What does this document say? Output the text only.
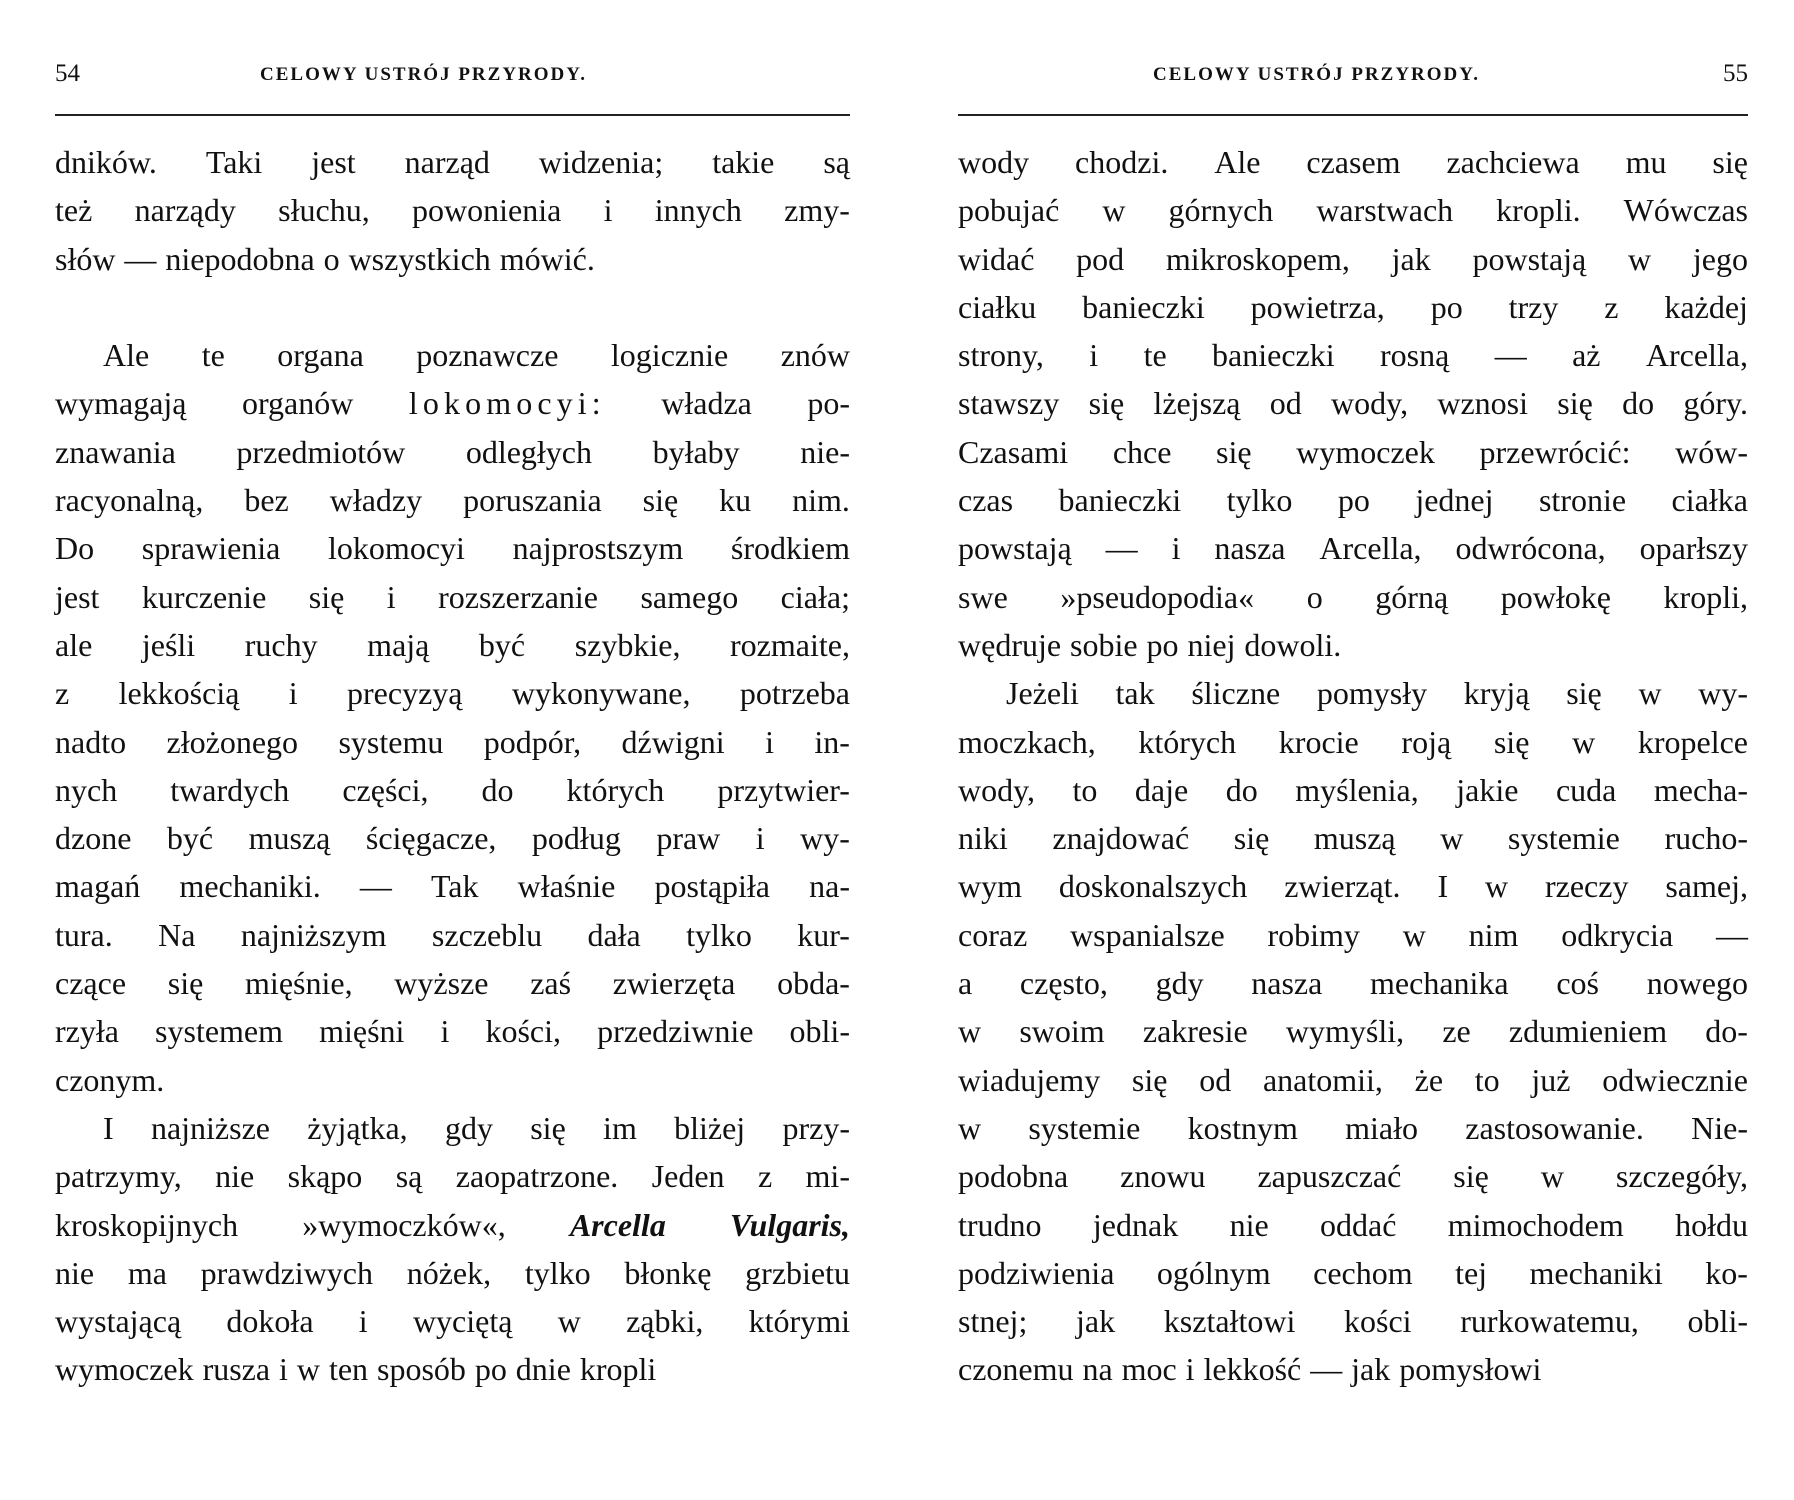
54	CELOWY USTRÓJ PRZYRODY.
dników. Taki jest narząd widzenia; takie są
też narządy słuchu, powonienia i innych zmy-
słów — niepodobna o wszystkich mówić.
Ale te organa poznawcze logicznie znów
wymagają organów lokomocyi: władza po-
znawania przedmiotów odległych byłaby nie-
racyonalną, bez władzy poruszania się ku nim.
Do sprawienia lokomocyi najprostszym środkiem
jest kurczenie się i rozszerzanie samego ciała;
ale jeśli ruchy mają być szybkie, rozmaite,
z lekkością i precyzyą wykonywane, potrzeba
nadto złożonego systemu podpór, dźwigni i in-
nych twardych części, do których przytwier-
dzone być muszą ścięgacze, podług praw i wy-
magań mechaniki. — Tak właśnie postąpiła na-
tura. Na najniższym szczeblu dała tylko kur-
czące się mięśnie, wyższe zaś zwierzęta obda-
rzyła systemem mięśni i kości, przedziwnie obli-
czonym.
I najniższe żyjątka, gdy się im bliżej przy-
patrzymy, nie skąpo są zaopatrzone. Jeden z mi-
kroskopijnych »wymoczków«, Arcella Vulgaris,
nie ma prawdziwych nóżek, tylko błonkę grzbietu
wystającą dokoła i wyciętą w ząbki, którymi
wymoczek rusza i w ten sposób po dnie kropli
CELOWY USTRÓJ PRZYRODY.	55
wody chodzi. Ale czasem zachciewa mu się
pobujać w górnych warstwach kropli. Wówczas
widać pod mikroskopem, jak powstają w jego
ciałku banieczki powietrza, po trzy z każdej
strony, i te banieczki rosną — aż Arcella,
stawszy się lżejszą od wody, wznosi się do góry.
Czasami chce się wymoczek przewrócić: wów-
czas banieczki tylko po jednej stronie ciałka
powstają — i nasza Arcella, odwrócona, oparłszy
swe »pseudopodia« o górną powłokę kropli,
wędruje sobie po niej dowoli.
Jeżeli tak śliczne pomysły kryją się w wy-
moczkach, których krocie roją się w kropelce
wody, to daje do myślenia, jakie cuda mecha-
niki znajdować się muszą w systemie rucho-
wym doskonalszych zwierząt. I w rzeczy samej,
coraz wspanialsze robimy w nim odkrycia —
a często, gdy nasza mechanika coś nowego
w swoim zakresie wymyśli, ze zdumieniem do-
wiadujemy się od anatomii, że to już odwiecznie
w systemie kostnym miało zastosowanie. Nie-
podobna znowu zapuszczać się w szczegóły,
trudno jednak nie oddać mimochodem hołdu
podziwienia ogólnym cechom tej mechaniki ko-
stnej; jak kształtowi kości rurkowatemu, obli-
czonemu na moc i lekkość — jak pomysłowi
